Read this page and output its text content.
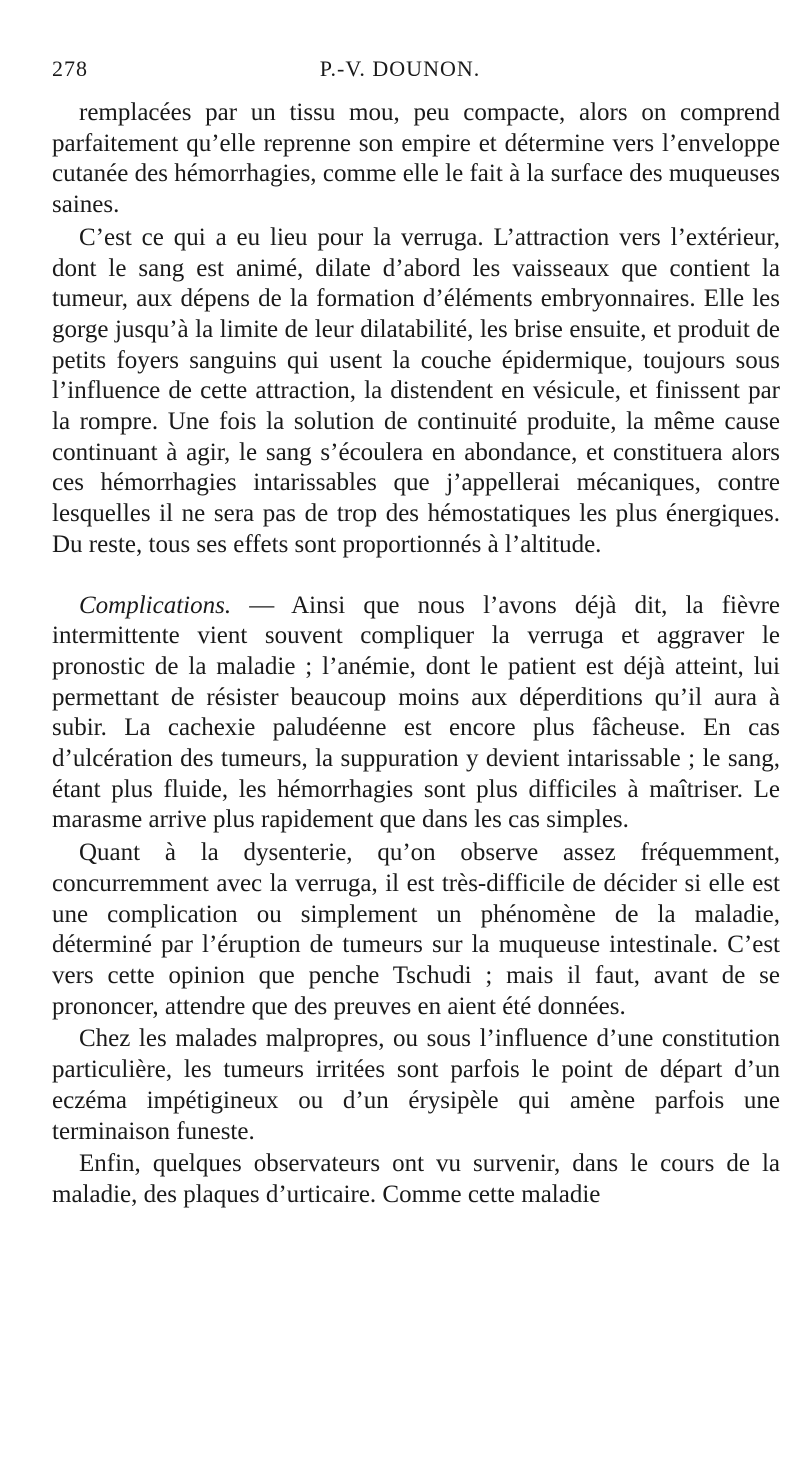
278	P.-V. DOUNON.

remplacées par un tissu mou, peu compacte, alors on comprend parfaitement qu’elle reprenne son empire et détermine vers l’enveloppe cutanée des hémorrhagies, comme elle le fait à la surface des muqueuses saines.

C’est ce qui a eu lieu pour la verruga. L’attraction vers l’extérieur, dont le sang est animé, dilate d’abord les vaisseaux que contient la tumeur, aux dépens de la formation d’éléments embryonnaires. Elle les gorge jusqu’à la limite de leur dilatabilité, les brise ensuite, et produit de petits foyers sanguins qui usent la couche épidermique, toujours sous l’influence de cette attraction, la distendent en vésicule, et finissent par la rompre. Une fois la solution de continuité produite, la même cause continuant à agir, le sang s’écoulera en abondance, et constituera alors ces hémorrhagies intarissables que j’appellerai mécaniques, contre lesquelles il ne sera pas de trop des hémostatiques les plus énergiques. Du reste, tous ses effets sont proportionnés à l’altitude.

Complications. — Ainsi que nous l’avons déjà dit, la fièvre intermittente vient souvent compliquer la verruga et aggraver le pronostic de la maladie ; l’anémie, dont le patient est déjà atteint, lui permettant de résister beaucoup moins aux déperditions qu’il aura à subir. La cachexie paludéenne est encore plus fâcheuse. En cas d’ulcération des tumeurs, la suppuration y devient intarissable ; le sang, étant plus fluide, les hémorrhagies sont plus difficiles à maîtriser. Le marasme arrive plus rapidement que dans les cas simples.

Quant à la dysenterie, qu’on observe assez fréquemment, concurremment avec la verruga, il est très-difficile de décider si elle est une complication ou simplement un phénomène de la maladie, déterminé par l’éruption de tumeurs sur la muqueuse intestinale. C’est vers cette opinion que penche Tschudi ; mais il faut, avant de se prononcer, attendre que des preuves en aient été données.

Chez les malades malpropres, ou sous l’influence d’une constitution particulière, les tumeurs irritées sont parfois le point de départ d’un eczéma impétigineux ou d’un érysipèle qui amène parfois une terminaison funeste.

Enfin, quelques observateurs ont vu survenir, dans le cours de la maladie, des plaques d’urticaire. Comme cette maladie
